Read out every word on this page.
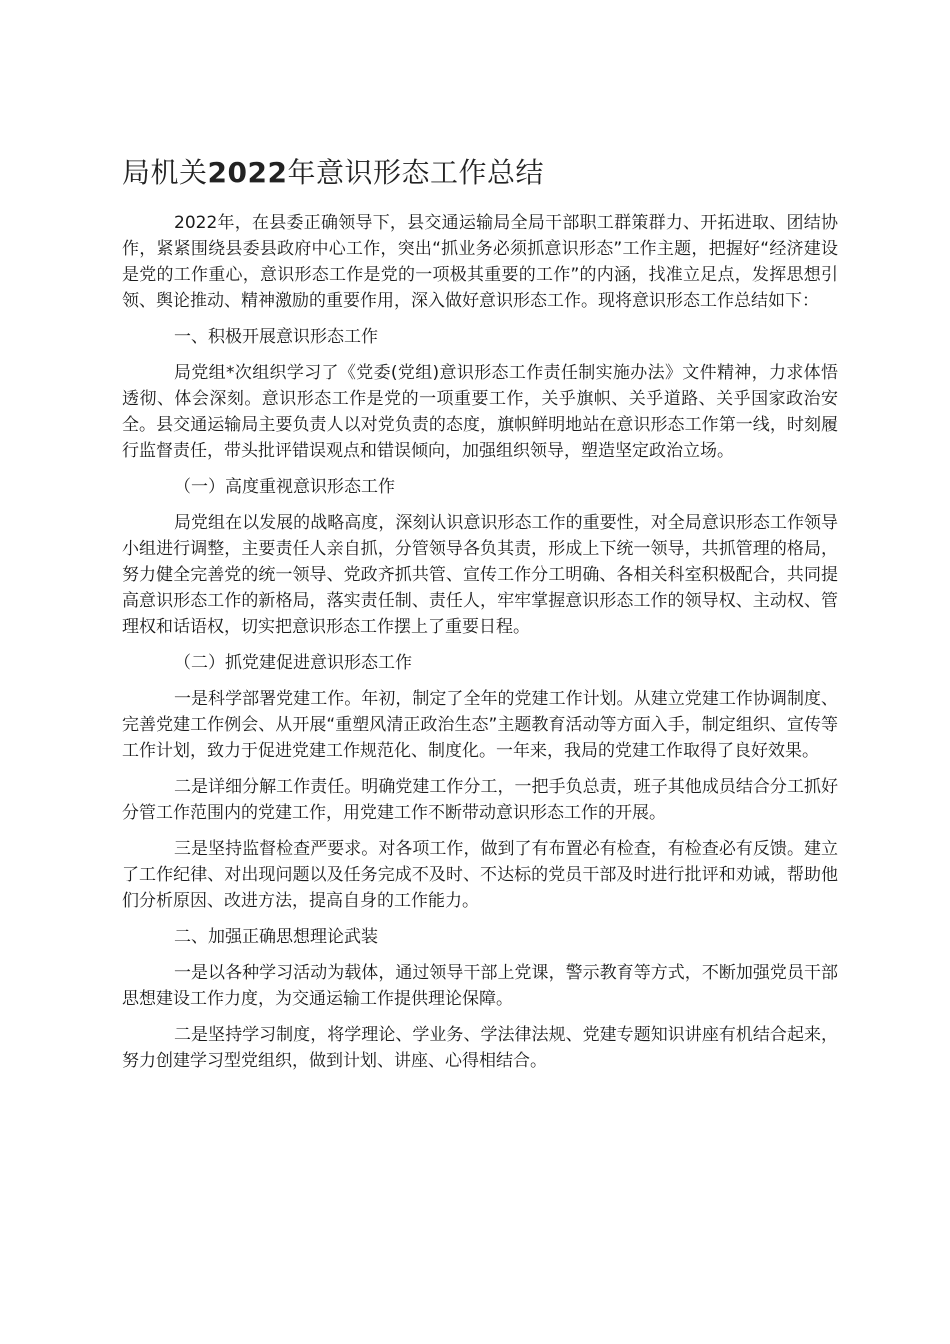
局机关2022年意识形态工作总结

2022年，在县委正确领导下，县交通运输局全局干部职工群策群力、开拓进取、团结协作，紧紧围绕县委县政府中心工作，突出“抓业务必须抓意识形态”工作主题，把握好“经济建设是党的工作重心，意识形态工作是党的一项极其重要的工作”的内涵，找准立足点，发挥思想引领、舆论推动、精神激励的重要作用，深入做好意识形态工作。现将意识形态工作总结如下：

一、积极开展意识形态工作

局党组*次组织学习了《党委(党组)意识形态工作责任制实施办法》文件精神，力求体悟透彻、体会深刻。意识形态工作是党的一项重要工作，关乎旗帜、关乎道路、关乎国家政治安全。县交通运输局主要负责人以对党负责的态度，旗帜鲜明地站在意识形态工作第一线，时刻履行监督责任，带头批评错误观点和错误倾向，加强组织领导，塑造坚定政治立场。

（一）高度重视意识形态工作

局党组在以发展的战略高度，深刻认识意识形态工作的重要性，对全局意识形态工作领导小组进行调整，主要责任人亲自抓，分管领导各负其责，形成上下统一领导，共抓管理的格局，努力健全完善党的统一领导、党政齐抓共管、宣传工作分工明确、各相关科室积极配合，共同提高意识形态工作的新格局，落实责任制、责任人，牢牢掌握意识形态工作的领导权、主动权、管理权和话语权，切实把意识形态工作摆上了重要日程。

（二）抓党建促进意识形态工作

一是科学部署党建工作。年初，制定了全年的党建工作计划。从建立党建工作协调制度、完善党建工作例会、从开展“重塑风清正政治生态”主题教育活动等方面入手，制定组织、宣传等工作计划，致力于促进党建工作规范化、制度化。一年来，我局的党建工作取得了良好效果。

二是详细分解工作责任。明确党建工作分工，一把手负总责，班子其他成员结合分工抓好分管工作范围内的党建工作，用党建工作不断带动意识形态工作的开展。

三是坚持监督检查严要求。对各项工作，做到了有布置必有检查，有检查必有反馈。建立了工作纪律、对出现问题以及任务完成不及时、不达标的党员干部及时进行批评和劝诫，帮助他们分析原因、改进方法，提高自身的工作能力。

二、加强正确思想理论武装

一是以各种学习活动为载体，通过领导干部上党课，警示教育等方式，不断加强党员干部思想建设工作力度，为交通运输工作提供理论保障。

二是坚持学习制度，将学理论、学业务、学法律法规、党建专题知识讲座有机结合起来，努力创建学习型党组织，做到计划、讲座、心得相结合。
